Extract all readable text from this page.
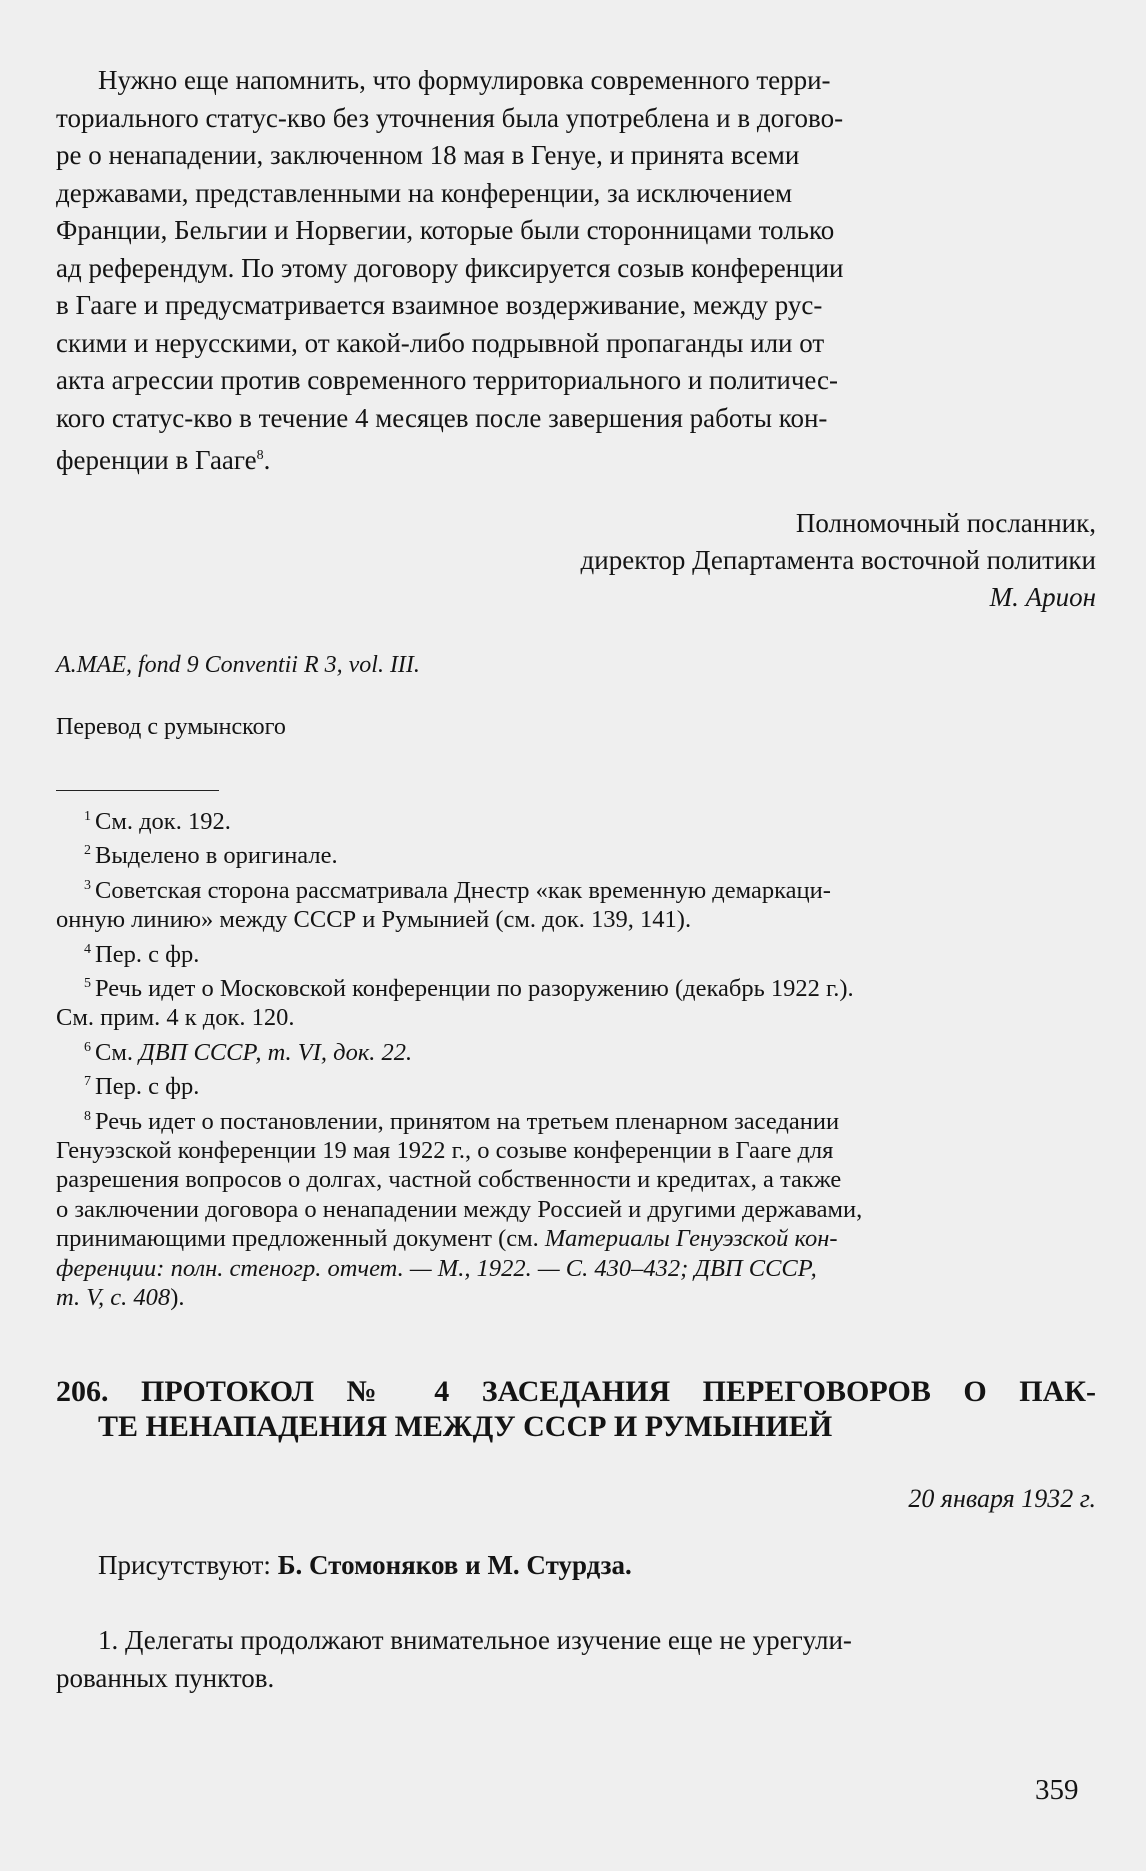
Нужно еще напомнить, что формулировка современного терри-

ториального статус-кво без уточнения была употреблена и в догово-

ре о ненападении, заключенном 18 мая в Генуе, и принята всеми

державами, представленными на конференции, за исключением

Франции, Бельгии и Норвегии, которые были сторонницами только

ад референдум. По этому договору фиксируется созыв конференции

в Гааге и предусматривается взаимное воздерживание, между рус-

скими и нерусскими, от какой-либо подрывной пропаганды или от

акта агрессии против современного территориального и политичес-

кого статус-кво в течение 4 месяцев после завершения работы кон-

ференции в Гааге$^8$.

Полномочный посланник,

директор Департамента восточной политики

М. Арион

A.MAE, fond 9 Conventii R 3, vol. III.

Перевод с румынского

$^1$ См. док. 192.

$^2$ Выделено в оригинале.

$^3$ Советская сторона рассматривала Днестр «как временную демаркаци-

онную линию» между СССР и Румынией (см. док. 139, 141).

$^4$ Пер. с фр.

$^5$ Речь идет о Московской конференции по разоружению (декабрь 1922 г.).

См. прим. 4 к док. 120.

$^6$ См. ДВП СССР, т. VI, док. 22.

$^7$ Пер. с фр.

$^8$ Речь идет о постановлении, принятом на третьем пленарном заседании

Генуэзской конференции 19 мая 1922 г., о созыве конференции в Гааге для

разрешения вопросов о долгах, частной собственности и кредитах, а также

о заключении договора о ненападении между Россией и другими державами,

принимающими предложенный документ (см. Материалы Генуэзской кон-

ференции: полн. стеногр. отчет. — М., 1922. — С. 430–432; ДВП СССР,

т. V, с. 408).

206. ПРОТОКОЛ № 4 ЗАСЕДАНИЯ ПЕРЕГОВОРОВ О ПАК-

ТЕ НЕНАПАДЕНИЯ МЕЖДУ СССР И РУМЫНИЕЙ

20 января 1932 г.

Присутствуют: Б. Стомоняков и М. Стурдза.

1. Делегаты продолжают внимательное изучение еще не урегули-

рованных пунктов.

359
